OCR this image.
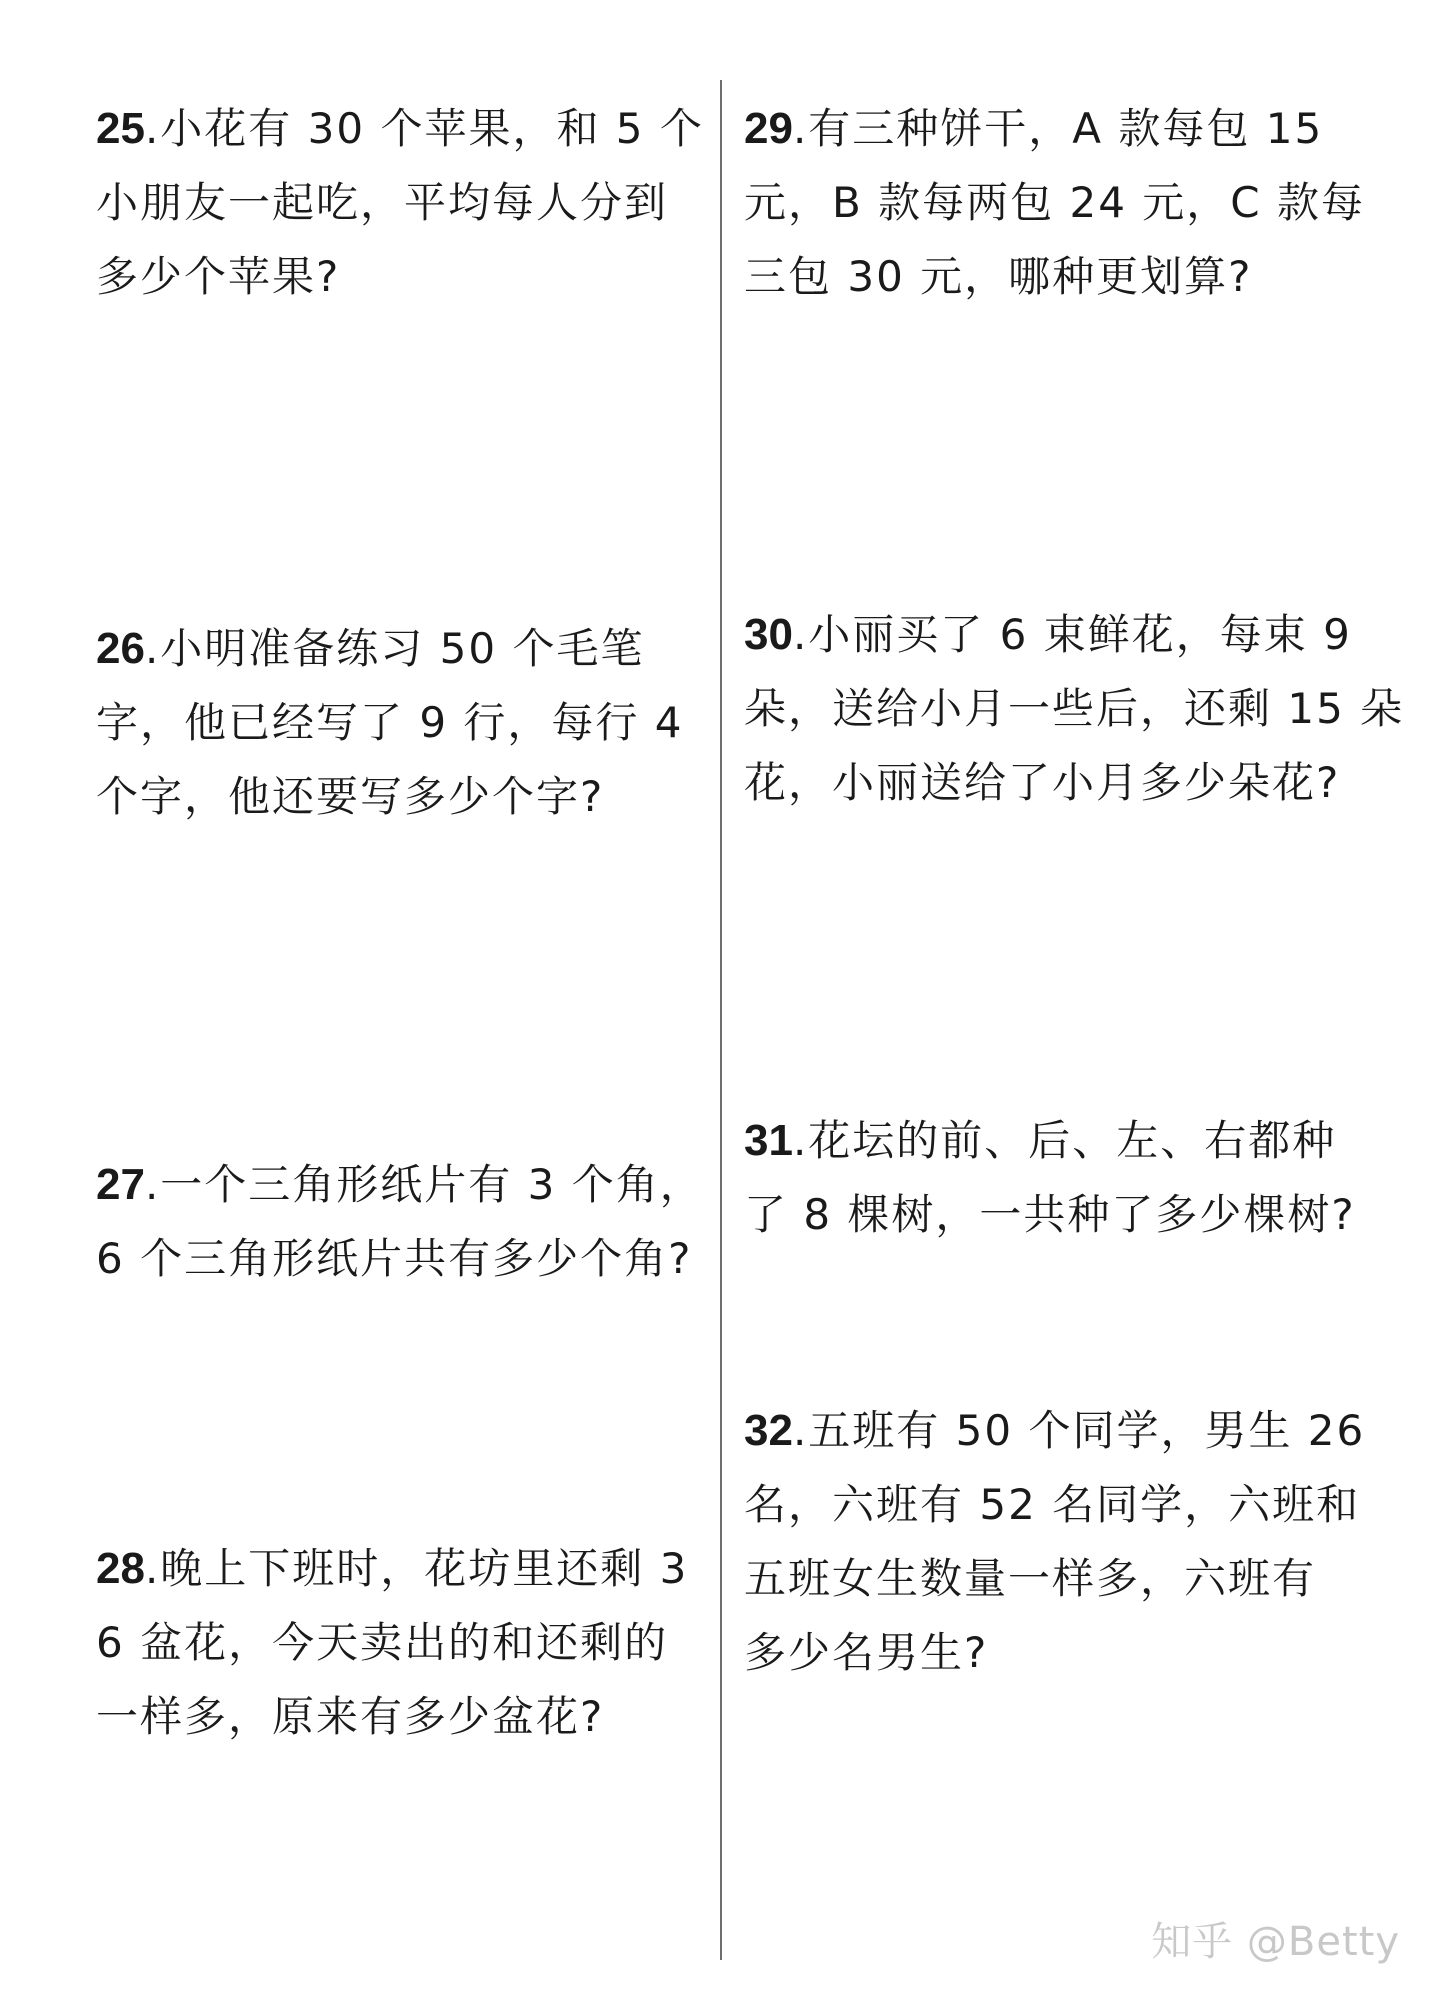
25.小花有 30 个苹果，和 5 个
小朋友一起吃，平均每人分到
多少个苹果?
26.小明准备练习 50 个毛笔
字，他已经写了 9 行，每行 4
个字，他还要写多少个字?
27.一个三角形纸片有 3 个角，
6 个三角形纸片共有多少个角?
28.晚上下班时，花坊里还剩 3
6 盆花，今天卖出的和还剩的
一样多，原来有多少盆花?
29.有三种饼干，A 款每包 15
元，B 款每两包 24 元，C 款每
三包 30 元，哪种更划算?
30.小丽买了 6 束鲜花，每束 9
朵，送给小月一些后，还剩 15 朵
花，小丽送给了小月多少朵花?
31.花坛的前、后、左、右都种
了 8 棵树，一共种了多少棵树?
32.五班有 50 个同学，男生 26
名，六班有 52 名同学，六班和
五班女生数量一样多，六班有
多少名男生?
知乎 @Betty
